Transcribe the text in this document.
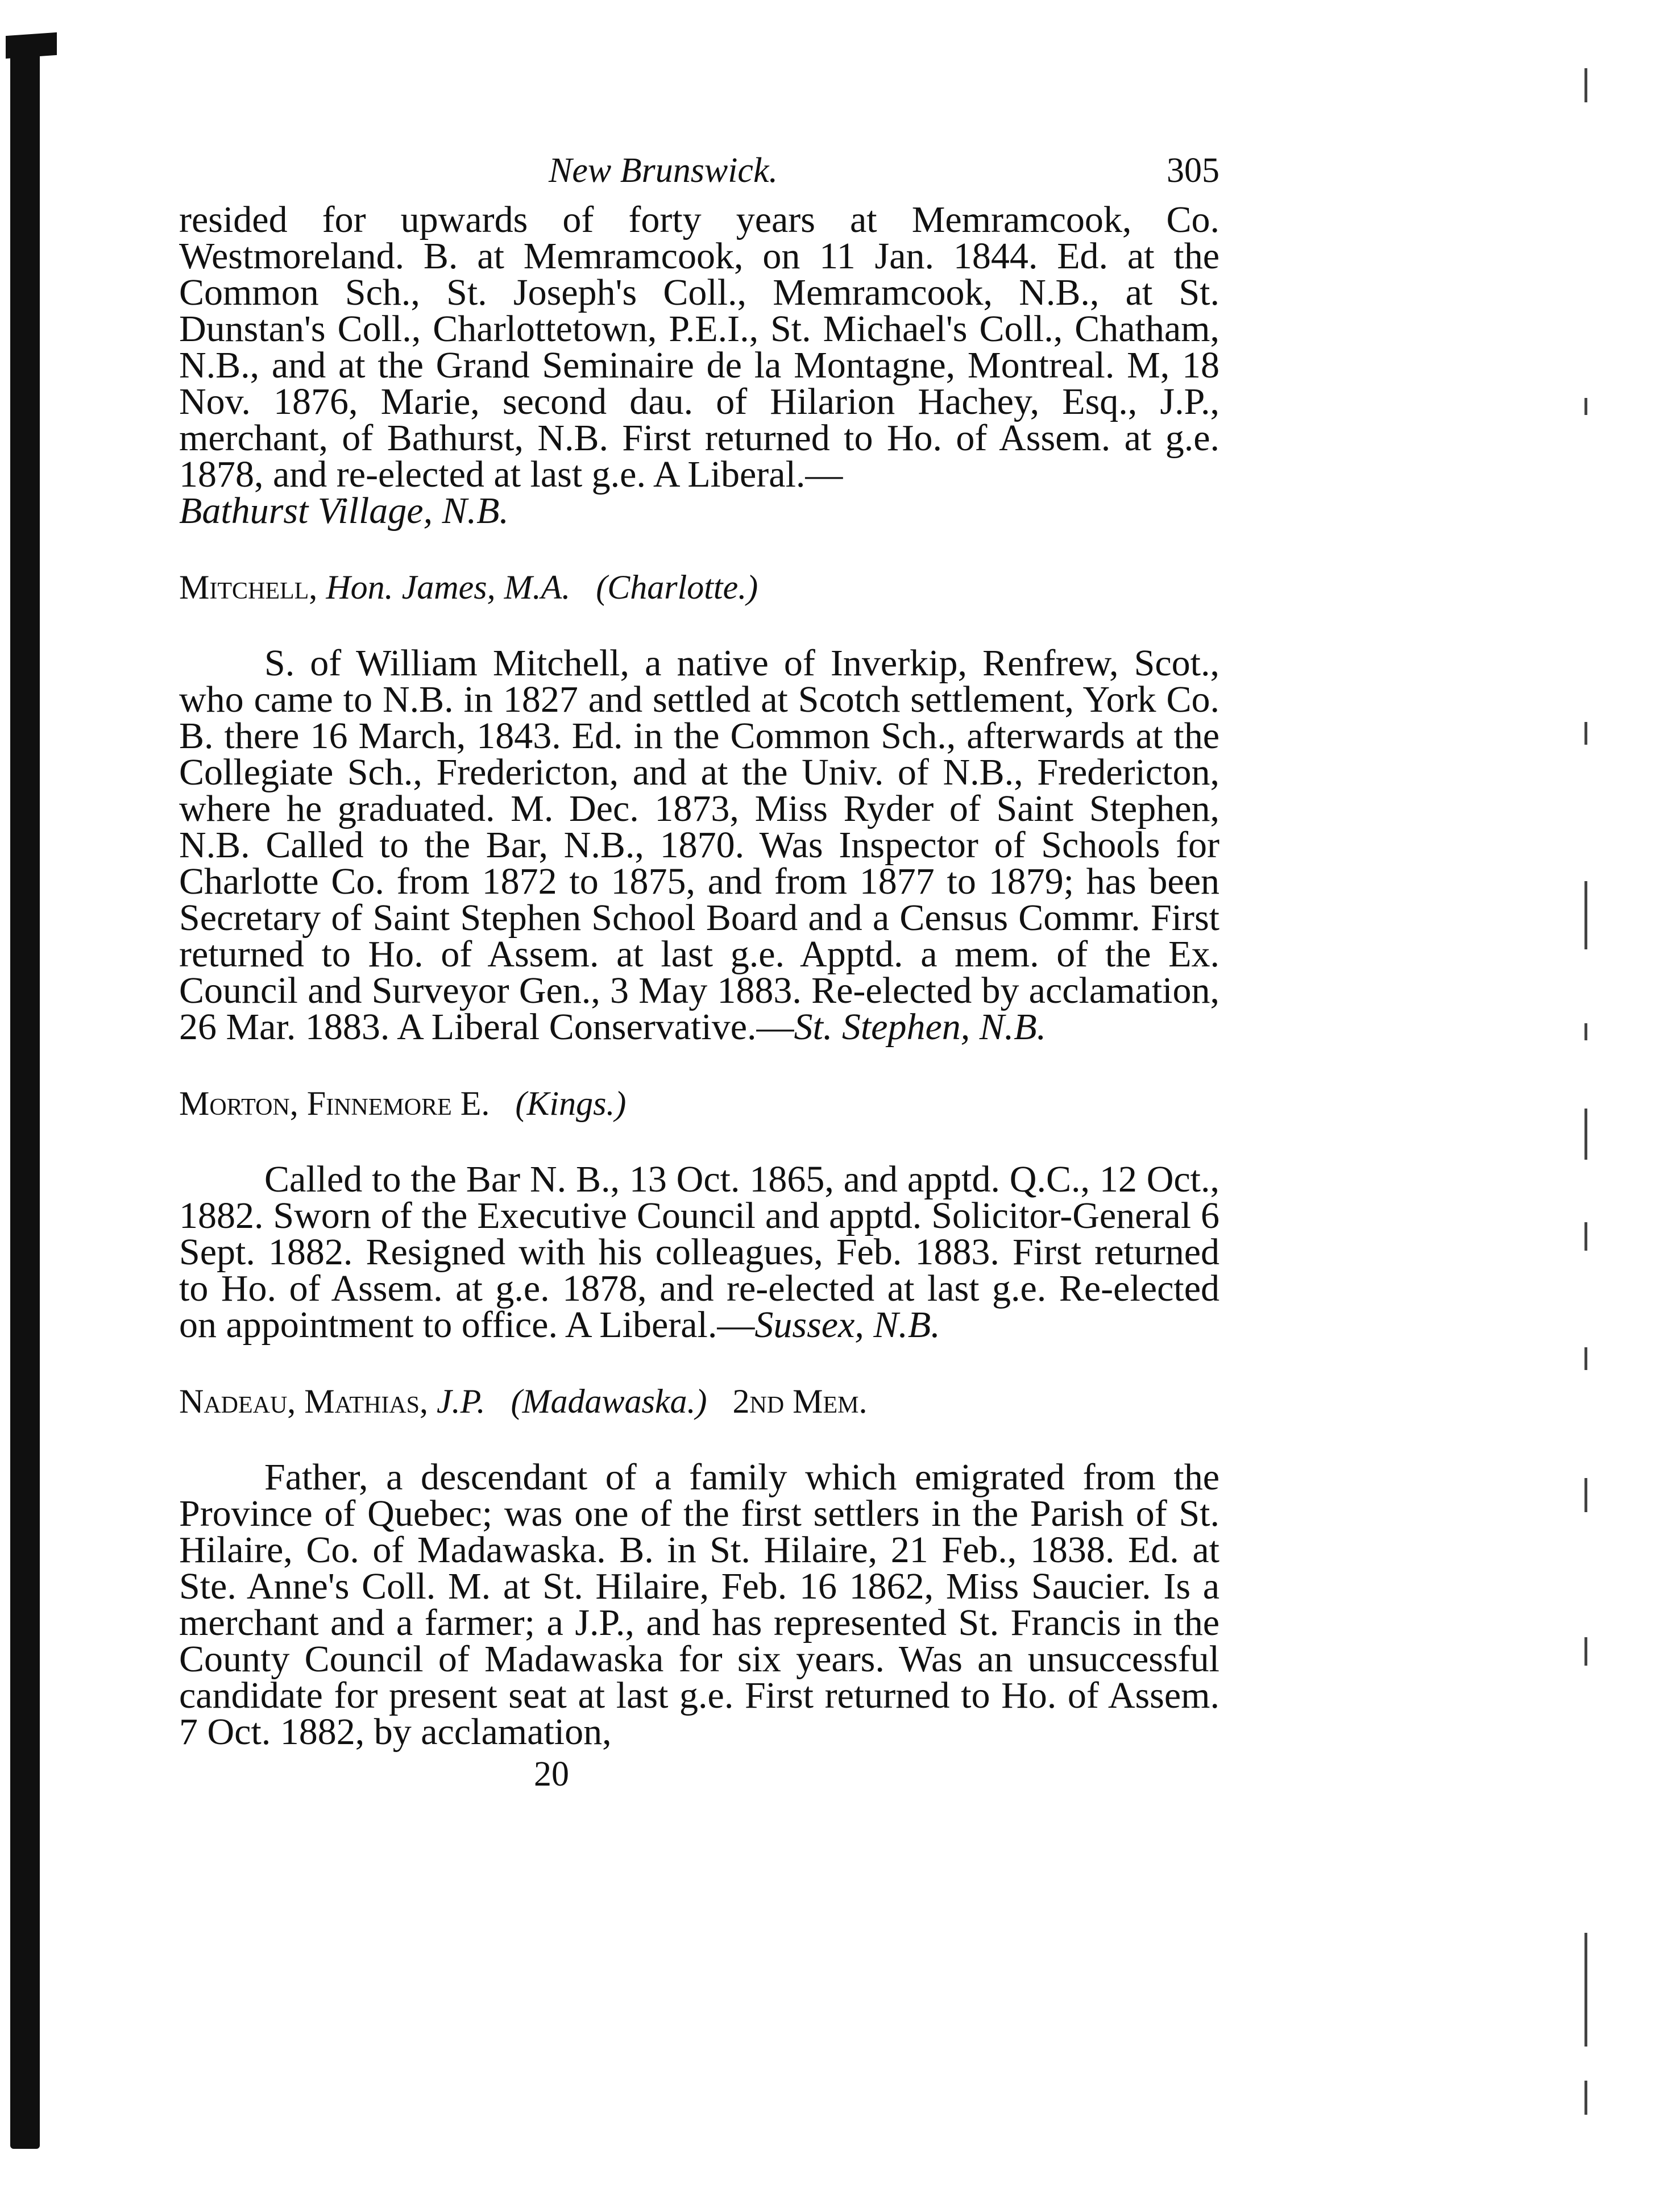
New Brunswick.	305

resided for upwards of forty years at Memramcook, Co. Westmoreland. B. at Memramcook, on 11 Jan. 1844. Ed. at the Common Sch., St. Joseph's Coll., Memramcook, N.B., at St. Dunstan's Coll., Charlottetown, P.E.I., St. Michael's Coll., Chatham, N.B., and at the Grand Seminaire de la Montagne, Montreal. M, 18 Nov. 1876, Marie, second dau. of Hilarion Hachey, Esq., J.P., merchant, of Bathurst, N.B. First returned to Ho. of Assem. at g.e. 1878, and re-elected at last g.e. A Liberal.—
Bathurst Village, N.B.

Mitchell, Hon. James, M.A. (Charlotte.)

S. of William Mitchell, a native of Inverkip, Renfrew, Scot., who came to N.B. in 1827 and settled at Scotch settlement, York Co. B. there 16 March, 1843. Ed. in the Common Sch., afterwards at the Collegiate Sch., Fredericton, and at the Univ. of N.B., Fredericton, where he graduated. M. Dec. 1873, Miss Ryder of Saint Stephen, N.B. Called to the Bar, N.B., 1870. Was Inspector of Schools for Charlotte Co. from 1872 to 1875, and from 1877 to 1879; has been Secretary of Saint Stephen School Board and a Census Commr. First returned to Ho. of Assem. at last g.e. Apptd. a mem. of the Ex. Council and Surveyor Gen., 3 May 1883. Re-elected by acclamation, 26 Mar. 1883. A Liberal Conservative.—St. Stephen, N.B.

Morton, Finnemore E. (Kings.)

Called to the Bar N. B., 13 Oct. 1865, and apptd. Q.C., 12 Oct., 1882. Sworn of the Executive Council and apptd. Solicitor-General 6 Sept. 1882. Resigned with his colleagues, Feb. 1883. First returned to Ho. of Assem. at g.e. 1878, and re-elected at last g.e. Re-elected on appointment to office. A Liberal.—Sussex, N.B.

Nadeau, Mathias, J.P. (Madawaska.) 2nd Mem.

Father, a descendant of a family which emigrated from the Province of Quebec; was one of the first settlers in the Parish of St. Hilaire, Co. of Madawaska. B. in St. Hilaire, 21 Feb., 1838. Ed. at Ste. Anne's Coll. M. at St. Hilaire, Feb. 16 1862, Miss Saucier. Is a merchant and a farmer; a J.P., and has represented St. Francis in the County Council of Madawaska for six years. Was an unsuccessful candidate for present seat at last g.e. First returned to Ho. of Assem. 7 Oct. 1882, by acclamation,

20
